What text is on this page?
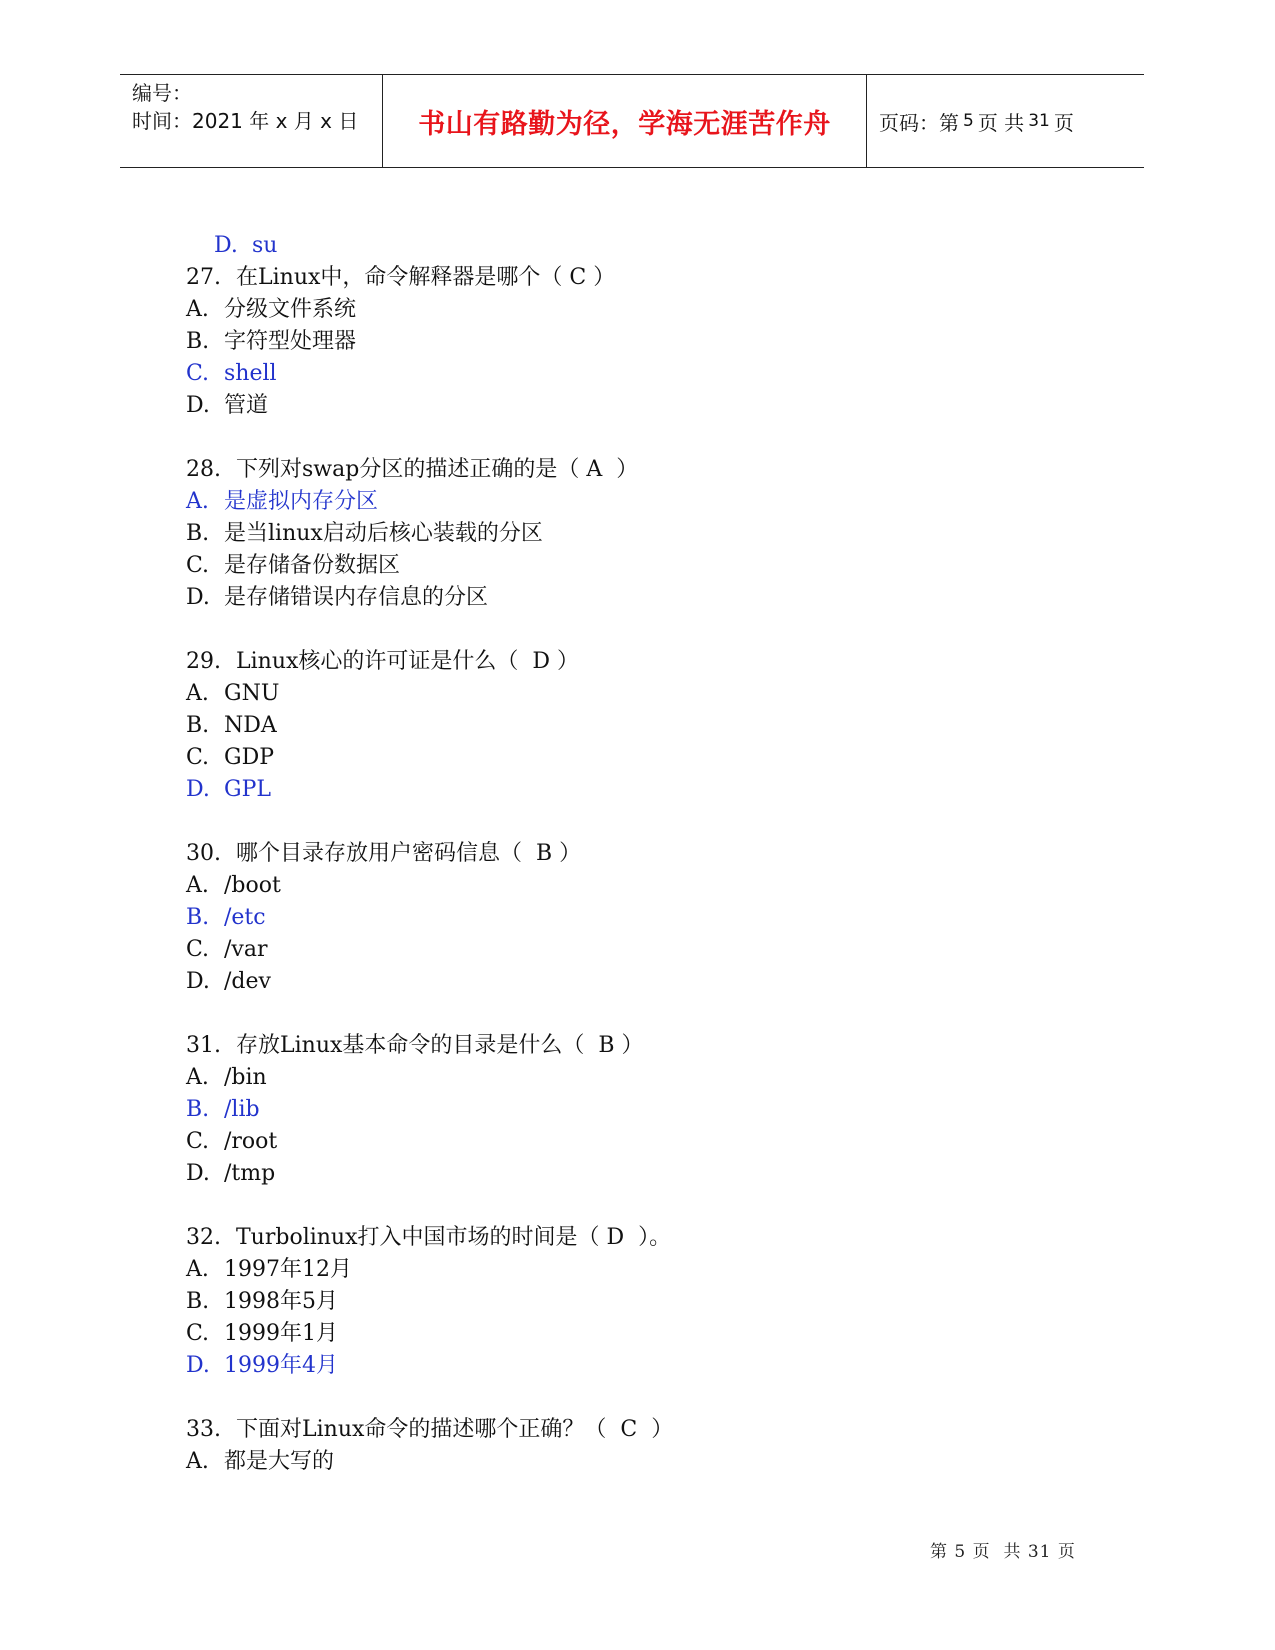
编号：
时间：2021 年 x 月 x 日	书山有路勤为径，学海无涯苦作舟 页码：第 5 页 共 31 页

D. su

27. 在Linux中，命令解释器是哪个（ C ）
A. 分级文件系统
B. 字符型处理器
C. shell
D. 管道
28. 下列对swap分区的描述正确的是（ A  ）
A. 是虚拟内存分区
B. 是当linux启动后核心装载的分区
C. 是存储备份数据区
D. 是存储错误内存信息的分区
29. Linux核心的许可证是什么（  D ）
A. GNU
B. NDA
C. GDP
D. GPL
30. 哪个目录存放用户密码信息（  B ）
A. /boot
B. /etc
C. /var
D. /dev
31. 存放Linux基本命令的目录是什么（  B ）
A. /bin
B. /lib
C. /root
D. /tmp
32. Turbolinux打入中国市场的时间是（ D  ）。
A. 1997年12月
B. 1998年5月
C. 1999年1月
D. 1999年4月
33. 下面对Linux命令的描述哪个正确？（  C  ）
A. 都是大写的
第 5 页  共 31 页
